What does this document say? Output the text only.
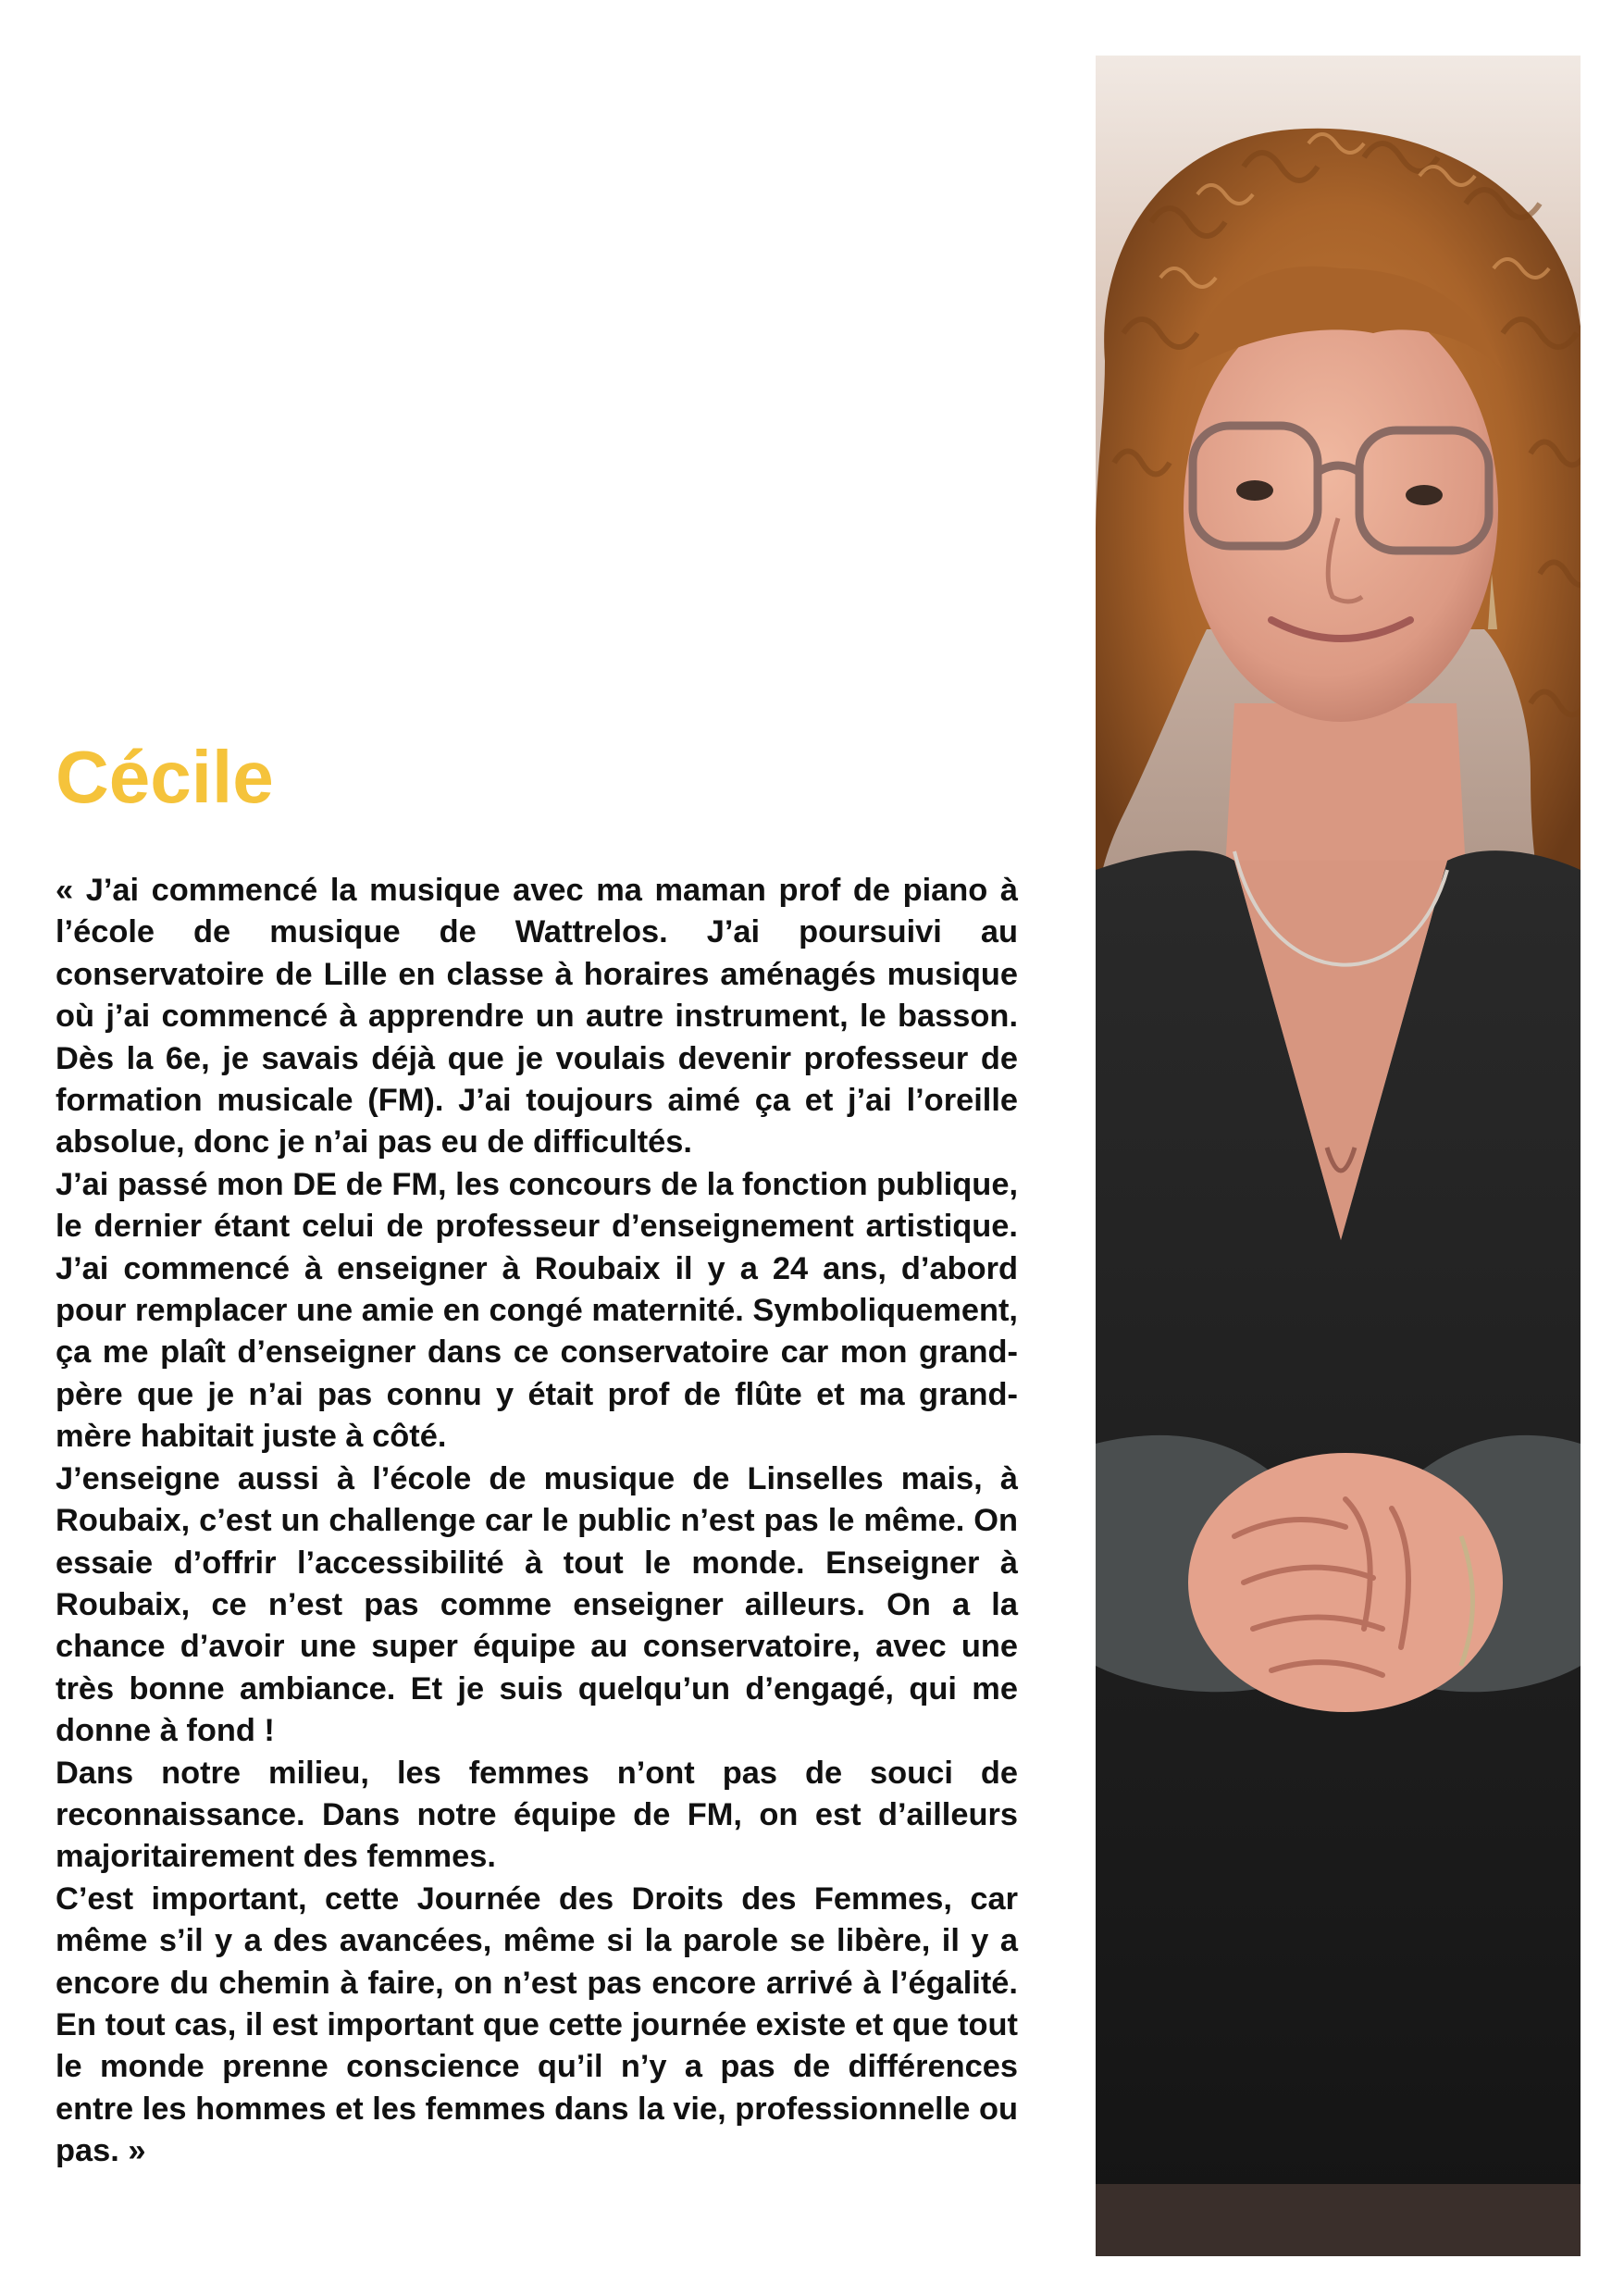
Cécile

« J’ai commencé la musique avec ma maman prof de piano à l’école de musique de Wattrelos. J’ai poursuivi au conservatoire de Lille en classe à horaires aménagés musique où j’ai commencé à apprendre un autre instrument, le basson. Dès la 6e, je savais déjà que je voulais devenir professeur de formation musicale (FM). J’ai toujours aimé ça et j’ai l’oreille absolue, donc je n’ai pas eu de difficultés.

J’ai passé mon DE de FM, les concours de la fonction publique, le dernier étant celui de professeur d’enseignement artistique. J’ai commencé à enseigner à Roubaix il y a 24 ans, d’abord pour remplacer une amie en congé maternité. Symboliquement, ça me plaît d’enseigner dans ce conservatoire car mon grand-père que je n’ai pas connu y était prof de flûte et ma grand-mère habitait juste à côté.

J’enseigne aussi à l’école de musique de Linselles mais, à Roubaix, c’est un challenge car le public n’est pas le même. On essaie d’offrir l’accessibilité à tout le monde. Enseigner à Roubaix, ce n’est pas comme enseigner ailleurs. On a la chance d’avoir une super équipe au conservatoire, avec une très bonne ambiance. Et je suis quelqu’un d’engagé, qui me donne à fond !

Dans notre milieu, les femmes n’ont pas de souci de reconnaissance. Dans notre équipe de FM, on est d’ailleurs majoritairement des femmes.

C’est important, cette Journée des Droits des Femmes, car même s’il y a des avancées, même si la parole se libère, il y a encore du chemin à faire, on n’est pas encore arrivé à l’égalité. En tout cas, il est important que cette journée existe et que tout le monde prenne conscience qu’il n’y a pas de différences entre les hommes et les femmes dans la vie, professionnelle ou pas. »
